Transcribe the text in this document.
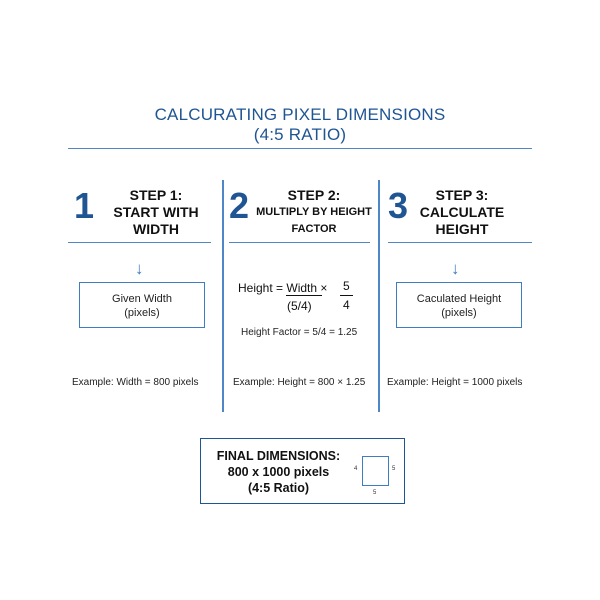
CALCURATING PIXEL DIMENSIONS
(4:5 RATIO)
1	STEP 1:
START WITH
WIDTH
↓
Given Width
(pixels)
Example: Width = 800 pixels
2	STEP 2:
MULTIPLY BY HEIGHT
FACTOR
Height = Width ×
(5/4)
5
4
Height Factor = 5/4 = 1.25
Example: Height = 800 × 1.25
3	STEP 3:
CALCULATE
HEIGHT
↓
Caculated Height
(pixels)
Example: Height = 1000 pixels
FINAL DIMENSIONS:
800 x 1000 pixels
(4:5 Ratio)
4	5
5
